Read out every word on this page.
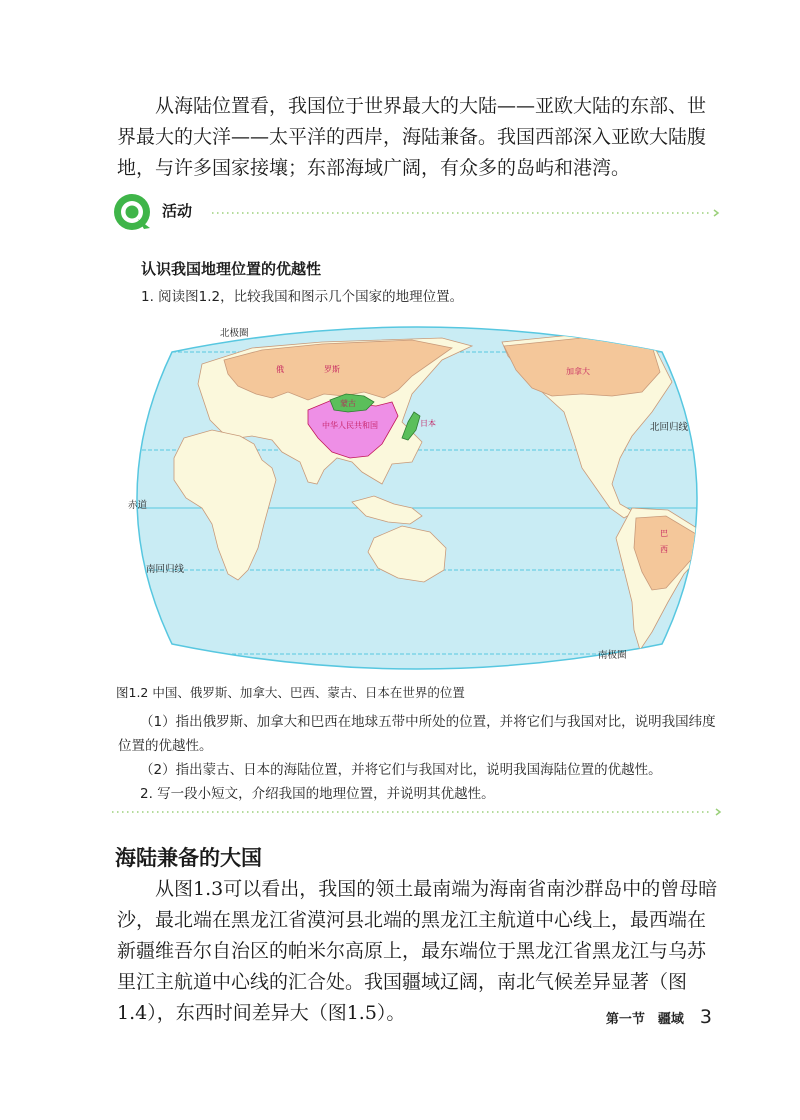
从海陆位置看，我国位于世界最大的大陆——亚欧大陆的东部、世界最大的大洋——太平洋的西岸，海陆兼备。我国西部深入亚欧大陆腹地，与许多国家接壤；东部海域广阔，有众多的岛屿和港湾。

活动
认识我国地理位置的优越性
1. 阅读图1.2，比较我国和图示几个国家的地理位置。
北极圈
北回归线
赤道
南回归线
南极圈
俄	罗斯	加拿大
中华人民共和国
蒙古
日本
巴
西
图1.2 中国、俄罗斯、加拿大、巴西、蒙古、日本在世界的位置

（1）指出俄罗斯、加拿大和巴西在地球五带中所处的位置，并将它们与我国对比，说明我国纬度位置的优越性。

（2）指出蒙古、日本的海陆位置，并将它们与我国对比，说明我国海陆位置的优越性。

2. 写一段小短文，介绍我国的地理位置，并说明其优越性。

海陆兼备的大国

从图1.3可以看出，我国的领土最南端为海南省南沙群岛中的曾母暗沙，最北端在黑龙江省漠河县北端的黑龙江主航道中心线上，最西端在新疆维吾尔自治区的帕米尔高原上，最东端位于黑龙江省黑龙江与乌苏里江主航道中心线的汇合处。我国疆域辽阔，南北气候差异显著（图1.4），东西时间差异大（图1.5）。	第一节　疆域 3
